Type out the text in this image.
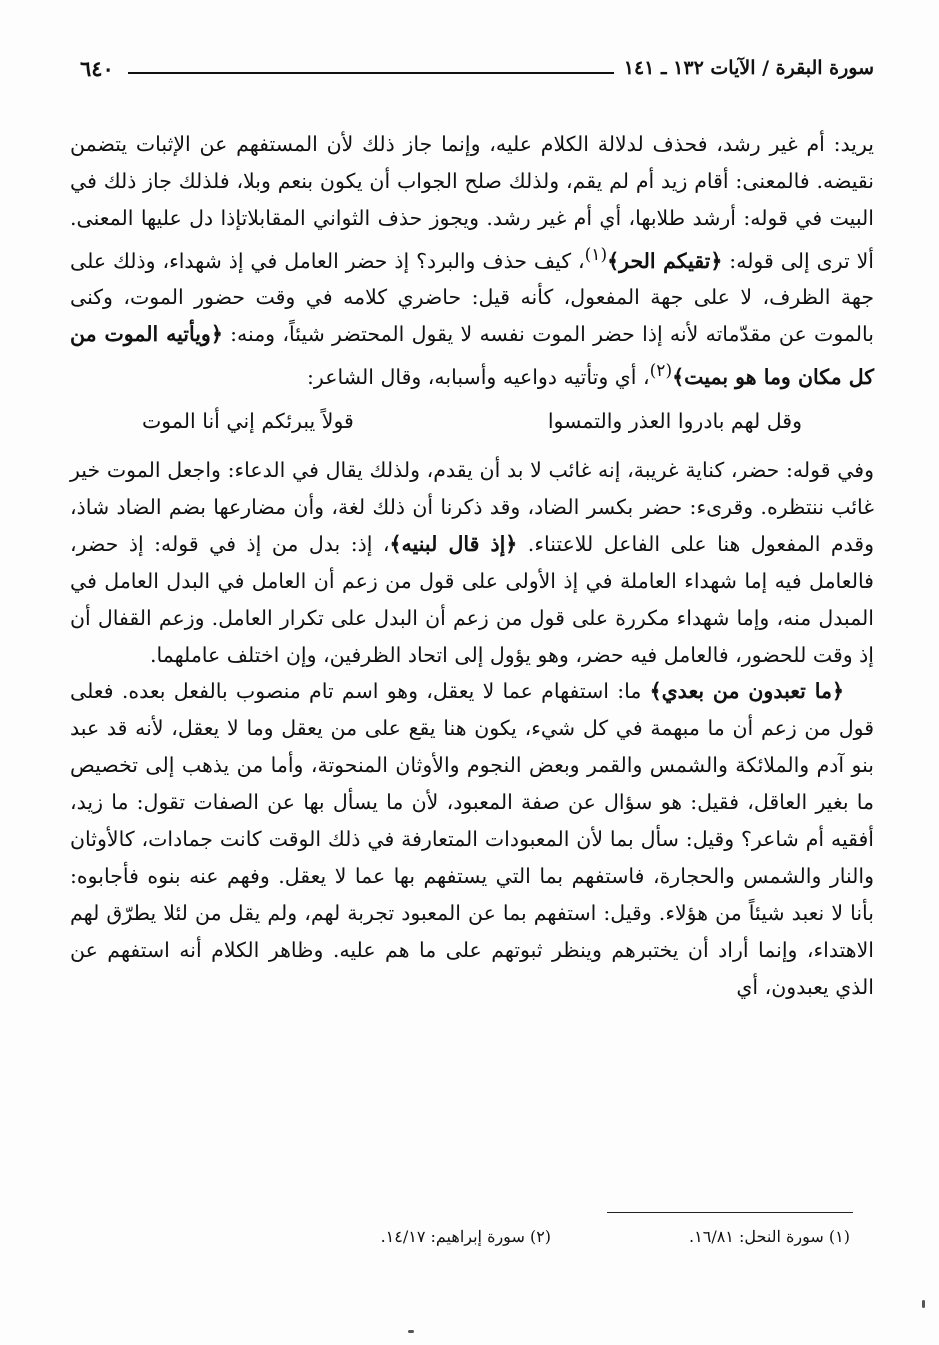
سورة البقرة / الآيات ١٣٢ ـ ١٤١
٦٤٠

يريد: أم غير رشد، فحذف لدلالة الكلام عليه، وإنما جاز ذلك لأن المستفهم عن الإثبات يتضمن نقيضه. فالمعنى: أقام زيد أم لم يقم، ولذلك صلح الجواب أن يكون بنعم وبلا، فلذلك جاز ذلك في البيت في قوله: أرشد طلابها، أي أم غير رشد. ويجوز حذف الثواني المقابلاتإذا دل عليها المعنى. ألا ترى إلى قوله: ﴿تقيكم الحر﴾$^{(١)}$، كيف حذف والبرد؟ إذ حضر العامل في إذ شهداء، وذلك على جهة الظرف، لا على جهة المفعول، كأنه قيل: حاضري كلامه في وقت حضور الموت، وكنى بالموت عن مقدّماته لأنه إذا حضر الموت نفسه لا يقول المحتضر شيئاً، ومنه: ﴿ويأتيه الموت من كل مكان وما هو بميت﴾$^{(٢)}$، أي وتأتيه دواعيه وأسبابه، وقال الشاعر:

وقل لهم بادروا العذر والتمسوا
قولاً يبرئكم إني أنا الموت

وفي قوله: حضر، كناية غريبة، إنه غائب لا بد أن يقدم، ولذلك يقال في الدعاء: واجعل الموت خير غائب ننتظره. وقرىء: حضر بكسر الضاد، وقد ذكرنا أن ذلك لغة، وأن مضارعها بضم الضاد شاذ، وقدم المفعول هنا على الفاعل للاعتناء. ﴿إذ قال لبنيه﴾، إذ: بدل من إذ في قوله: إذ حضر، فالعامل فيه إما شهداء العاملة في إذ الأولى على قول من زعم أن العامل في البدل العامل في المبدل منه، وإما شهداء مكررة على قول من زعم أن البدل على تكرار العامل. وزعم القفال أن إذ وقت للحضور، فالعامل فيه حضر، وهو يؤول إلى اتحاد الظرفين، وإن اختلف عاملهما.

﴿ما تعبدون من بعدي﴾ ما: استفهام عما لا يعقل، وهو اسم تام منصوب بالفعل بعده. فعلى قول من زعم أن ما مبهمة في كل شيء، يكون هنا يقع على من يعقل وما لا يعقل، لأنه قد عبد بنو آدم والملائكة والشمس والقمر وبعض النجوم والأوثان المنحوتة، وأما من يذهب إلى تخصيص ما بغير العاقل، فقيل: هو سؤال عن صفة المعبود، لأن ما يسأل بها عن الصفات تقول: ما زيد، أفقيه أم شاعر؟ وقيل: سأل بما لأن المعبودات المتعارفة في ذلك الوقت كانت جمادات، كالأوثان والنار والشمس والحجارة، فاستفهم بما التي يستفهم بها عما لا يعقل. وفهم عنه بنوه فأجابوه: بأنا لا نعبد شيئاً من هؤلاء. وقيل: استفهم بما عن المعبود تجربة لهم، ولم يقل من لئلا يطرّق لهم الاهتداء، وإنما أراد أن يختبرهم وينظر ثبوتهم على ما هم عليه. وظاهر الكلام أنه استفهم عن الذي يعبدون، أي

(١) سورة النحل: ١٦/٨١.
(٢) سورة إبراهيم: ١٤/١٧.
